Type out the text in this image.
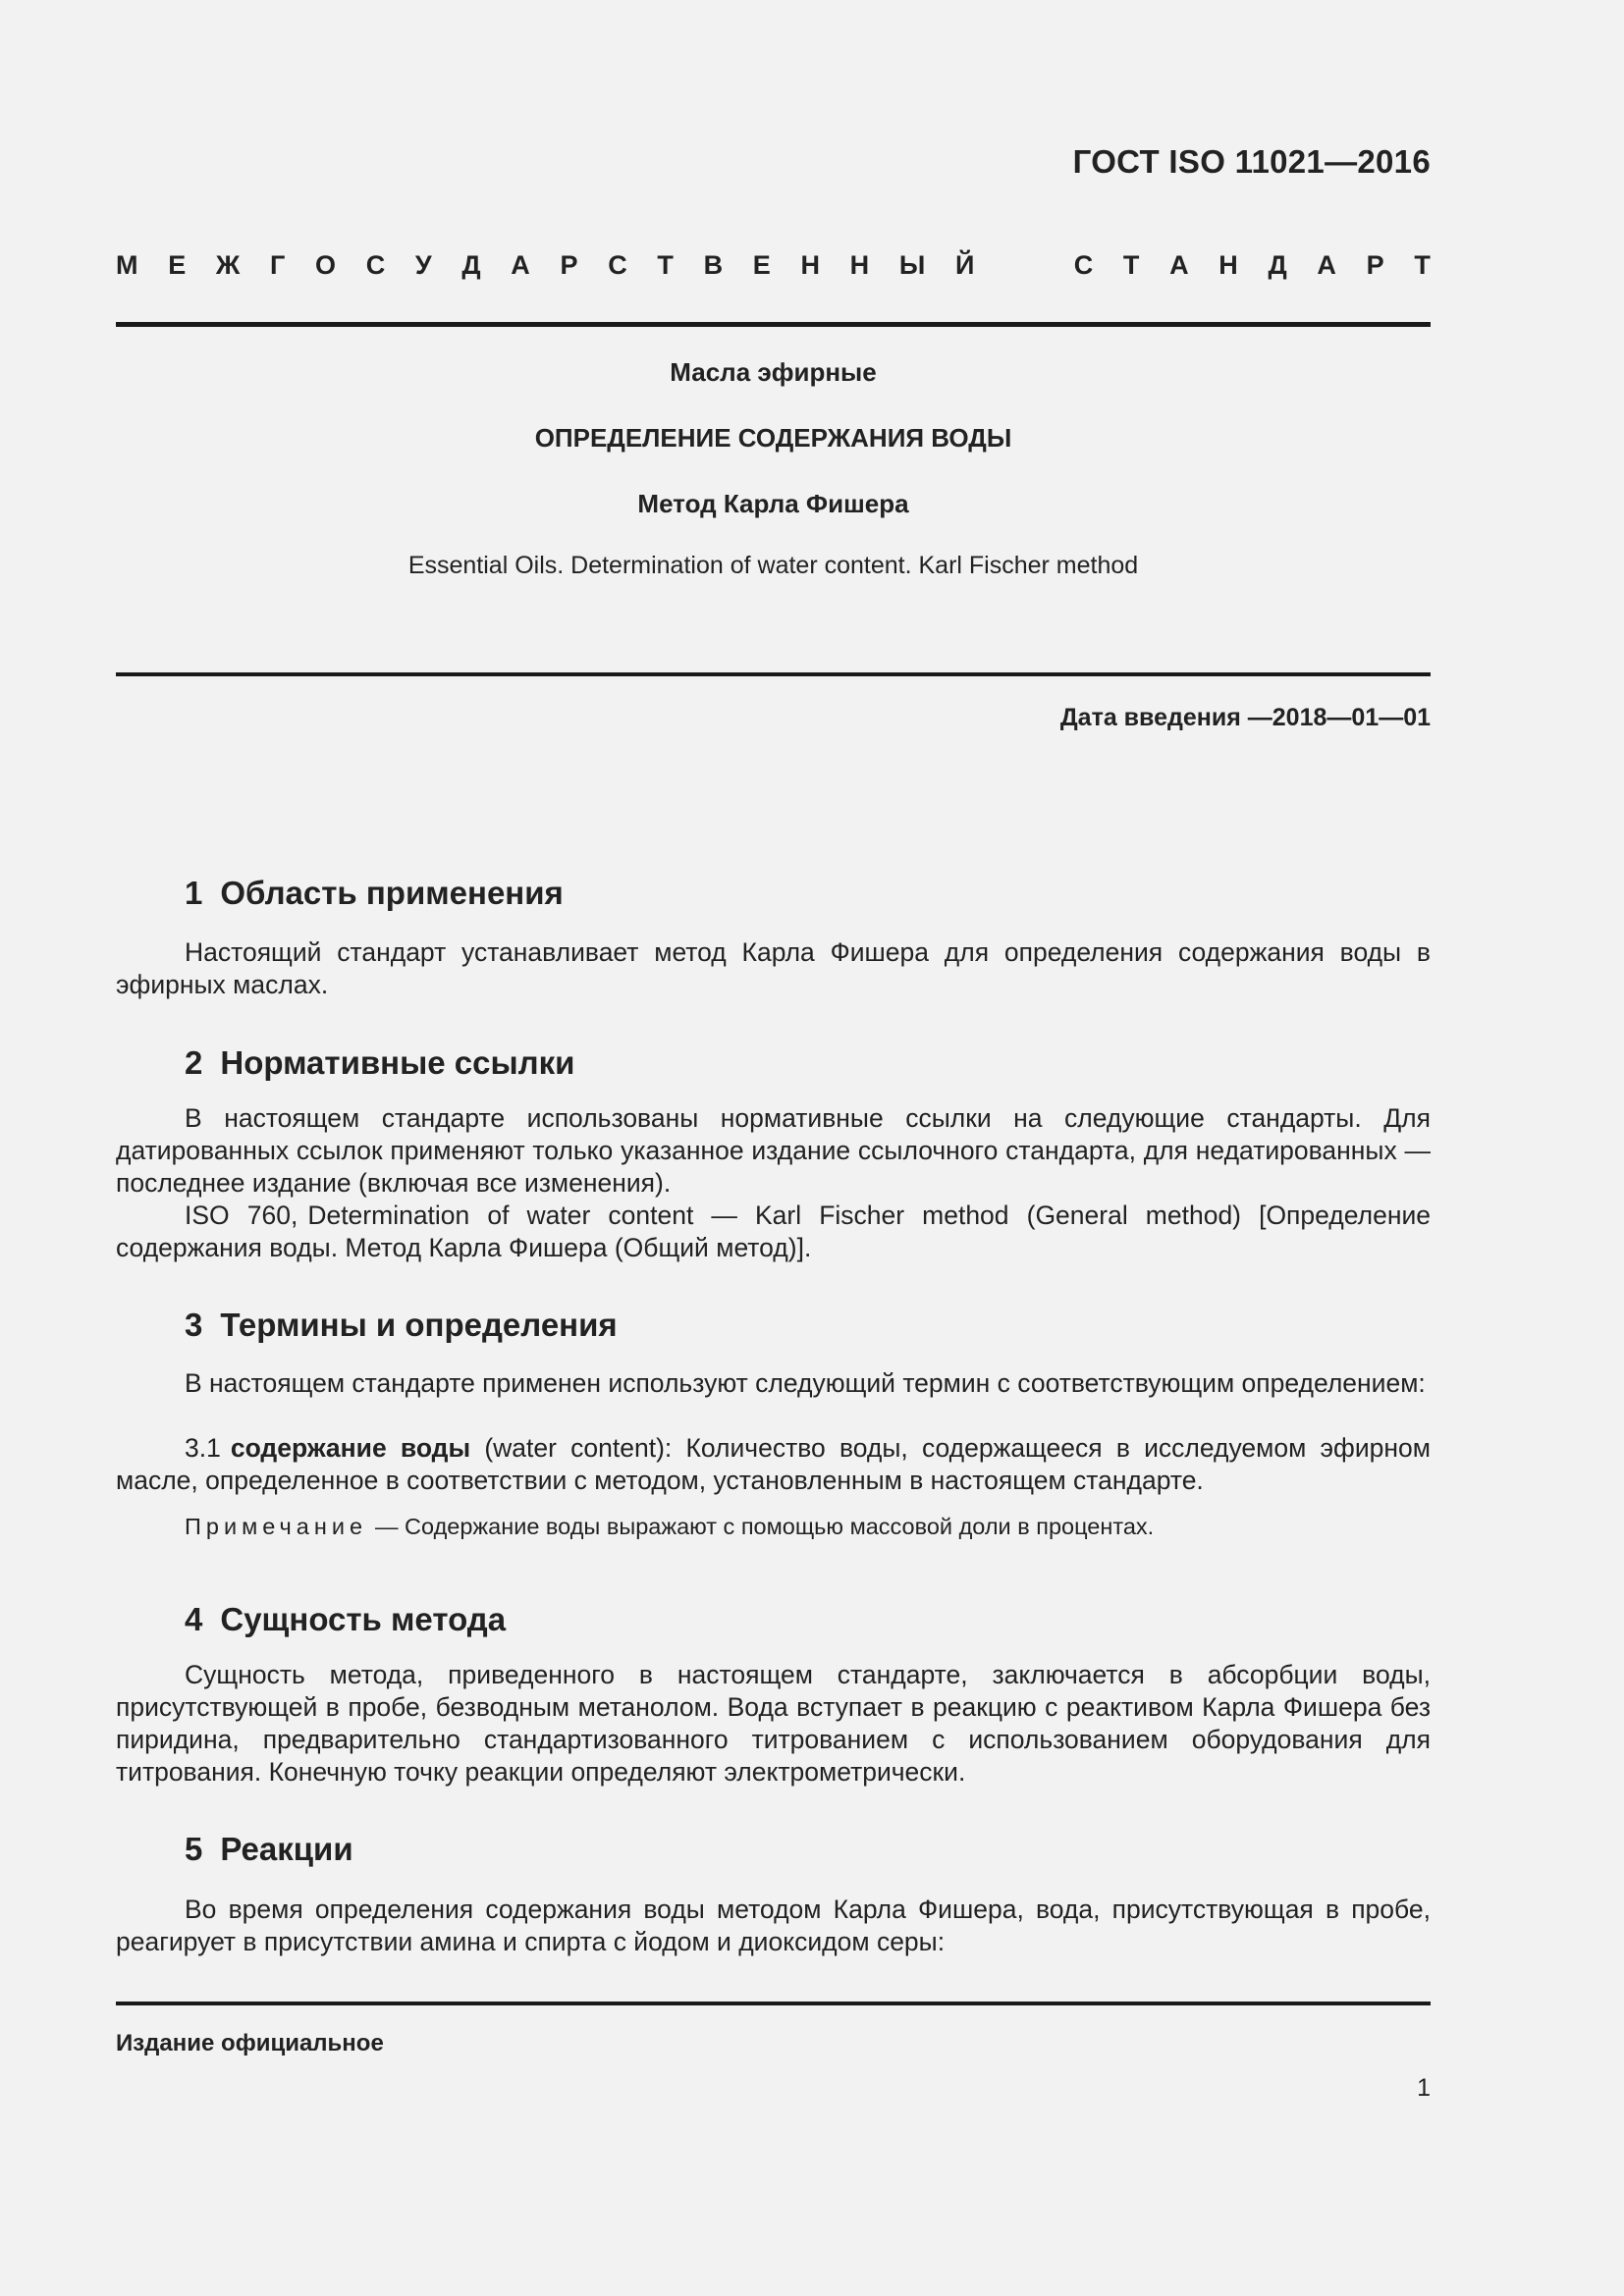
ГОСТ ISO 11021—2016
М Е Ж Г О С У Д А Р С Т В Е Н Н Ы Й	С Т А Н Д А Р Т
Масла эфирные
ОПРЕДЕЛЕНИЕ СОДЕРЖАНИЯ ВОДЫ
Метод Карла Фишера
Essential Oils. Determination of water content. Karl Fischer method
Дата введения —2018—01—01
1 Область применения
Настоящий стандарт устанавливает метод Карла Фишера для определения содержания воды в эфирных маслах.
2 Нормативные ссылки
В настоящем стандарте использованы нормативные ссылки на следующие стандарты. Для датированных ссылок применяют только указанное издание ссылочного стандарта, для недатированных — последнее издание (включая все изменения).
ISO 760, Determination of water content — Karl Fischer method (General method) [Определение содержания воды. Метод Карла Фишера (Общий метод)].
3 Термины и определения
В настоящем стандарте применен используют следующий термин с соответствующим определением:
3.1 содержание воды (water content): Количество воды, содержащееся в исследуемом эфирном масле, определенное в соответствии с методом, установленным в настоящем стандарте.
Примечание — Содержание воды выражают с помощью массовой доли в процентах.
4 Сущность метода
Сущность метода, приведенного в настоящем стандарте, заключается в абсорбции воды, присутствующей в пробе, безводным метанолом. Вода вступает в реакцию с реактивом Карла Фишера без пиридина, предварительно стандартизованного титрованием с использованием оборудования для титрования. Конечную точку реакции определяют электрометрически.
5 Реакции
Во время определения содержания воды методом Карла Фишера, вода, присутствующая в пробе, реагирует в присутствии амина и спирта с йодом и диоксидом серы:
Издание официальное
1
